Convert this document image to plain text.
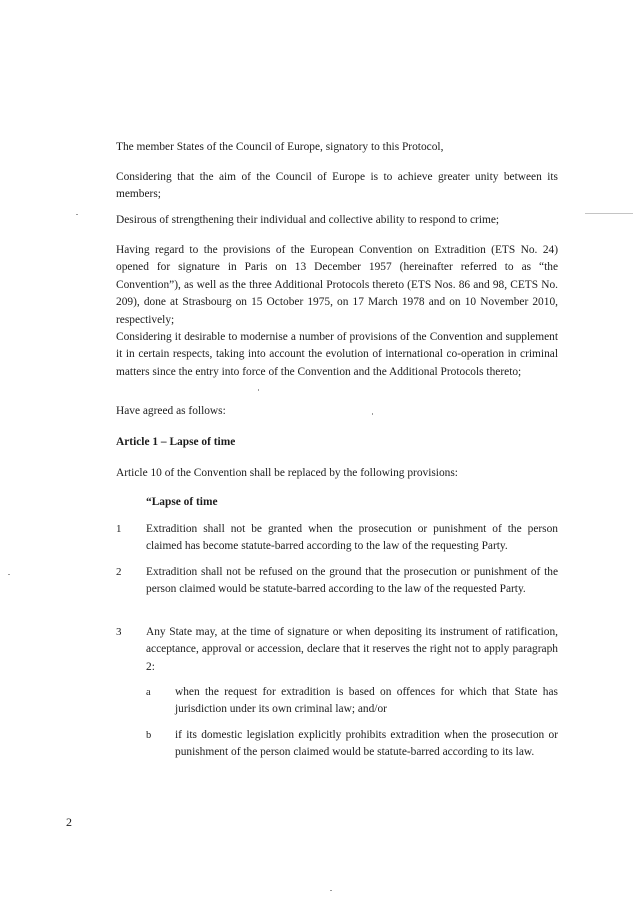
The member States of the Council of Europe, signatory to this Protocol,
Considering that the aim of the Council of Europe is to achieve greater unity between its members;
Desirous of strengthening their individual and collective ability to respond to crime;
Having regard to the provisions of the European Convention on Extradition (ETS No. 24) opened for signature in Paris on 13 December 1957 (hereinafter referred to as “the Convention”), as well as the three Additional Protocols thereto (ETS Nos. 86 and 98, CETS No. 209), done at Strasbourg on 15 October 1975, on 17 March 1978 and on 10 November 2010, respectively;
Considering it desirable to modernise a number of provisions of the Convention and supplement it in certain respects, taking into account the evolution of international co-operation in criminal matters since the entry into force of the Convention and the Additional Protocols thereto;
Have agreed as follows:
Article 1 – Lapse of time
Article 10 of the Convention shall be replaced by the following provisions:
“Lapse of time
1 Extradition shall not be granted when the prosecution or punishment of the person claimed has become statute-barred according to the law of the requesting Party.
2 Extradition shall not be refused on the ground that the prosecution or punishment of the person claimed would be statute-barred according to the law of the requested Party.
3 Any State may, at the time of signature or when depositing its instrument of ratification, acceptance, approval or accession, declare that it reserves the right not to apply paragraph 2:
a when the request for extradition is based on offences for which that State has jurisdiction under its own criminal law; and/or
b if its domestic legislation explicitly prohibits extradition when the prosecution or punishment of the person claimed would be statute-barred according to its law.
2
